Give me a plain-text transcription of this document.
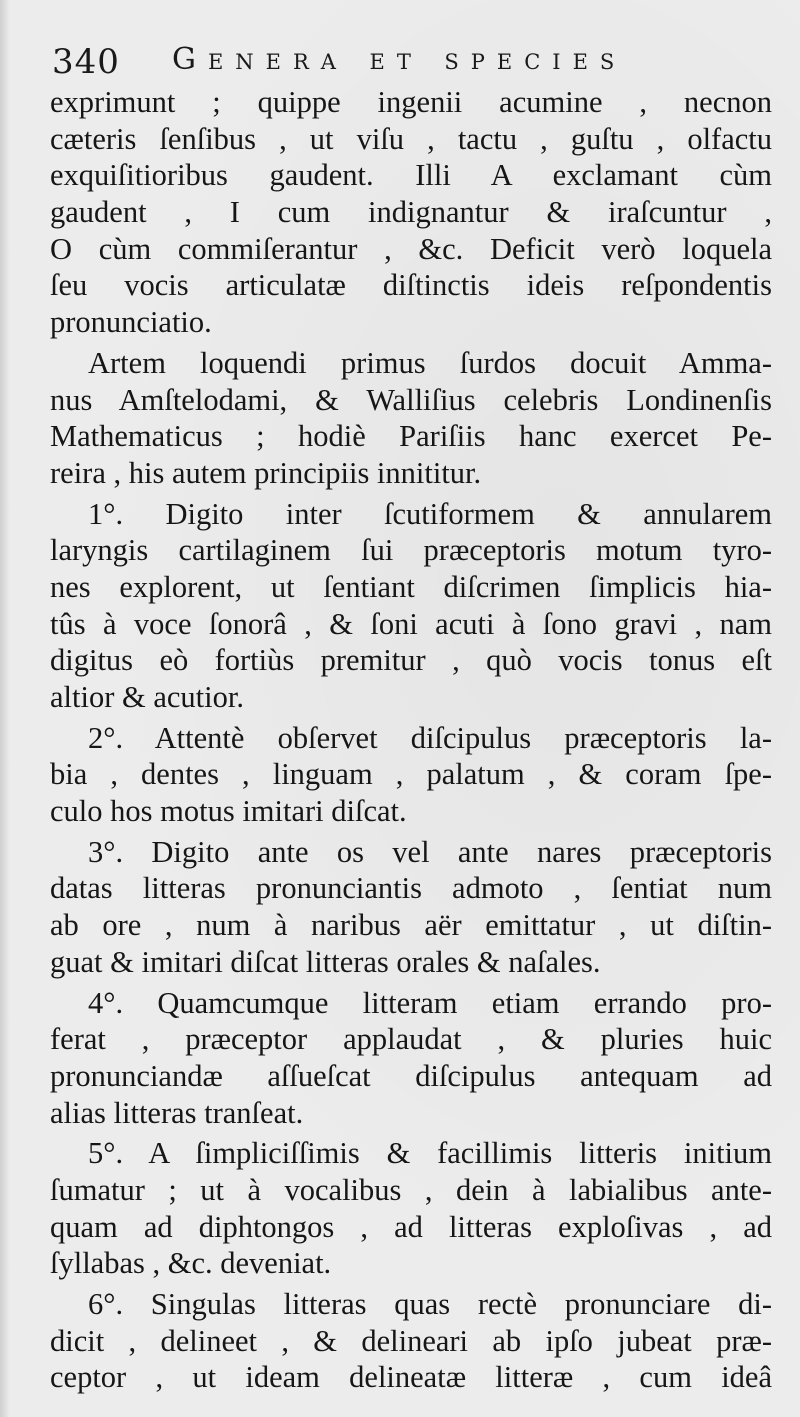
340 Genera et species
exprimunt ; quippe ingenii acumine , necnon
cæteris ſenſibus , ut viſu , tactu , guſtu , olfactu
exquiſitioribus gaudent. Illi A exclamant cùm
gaudent , I cum indignantur & iraſcuntur ,
O cùm commiſerantur , &c. Deficit verò loquela
ſeu vocis articulatæ diſtinctis ideis reſpondentis
pronunciatio.
Artem loquendi primus ſurdos docuit Amma-
nus Amſtelodami, & Walliſius celebris Londinenſis
Mathematicus ; hodiè Pariſiis hanc exercet Pe-
reira , his autem principiis innititur.
1°. Digito inter ſcutiformem & annularem
laryngis cartilaginem ſui præceptoris motum tyro-
nes explorent, ut ſentiant diſcrimen ſimplicis hia-
tûs à voce ſonorâ , & ſoni acuti à ſono gravi , nam
digitus eò fortiùs premitur , quò vocis tonus eſt
altior & acutior.
2°. Attentè obſervet diſcipulus præceptoris la-
bia , dentes , linguam , palatum , & coram ſpe-
culo hos motus imitari diſcat.
3°. Digito ante os vel ante nares præceptoris
datas litteras pronunciantis admoto , ſentiat num
ab ore , num à naribus aër emittatur , ut diſtin-
guat & imitari diſcat litteras orales & naſales.
4°. Quamcumque litteram etiam errando pro-
ferat , præceptor applaudat , & pluries huic
pronunciandæ aſſueſcat diſcipulus antequam ad
alias litteras tranſeat.
5°. A ſimpliciſſimis & facillimis litteris initium
ſumatur ; ut à vocalibus , dein à labialibus ante-
quam ad diphtongos , ad litteras exploſivas , ad
ſyllabas , &c. deveniat.
6°. Singulas litteras quas rectè pronunciare di-
dicit , delineet , & delineari ab ipſo jubeat præ-
ceptor , ut ideam delineatæ litteræ , cum ideâ
